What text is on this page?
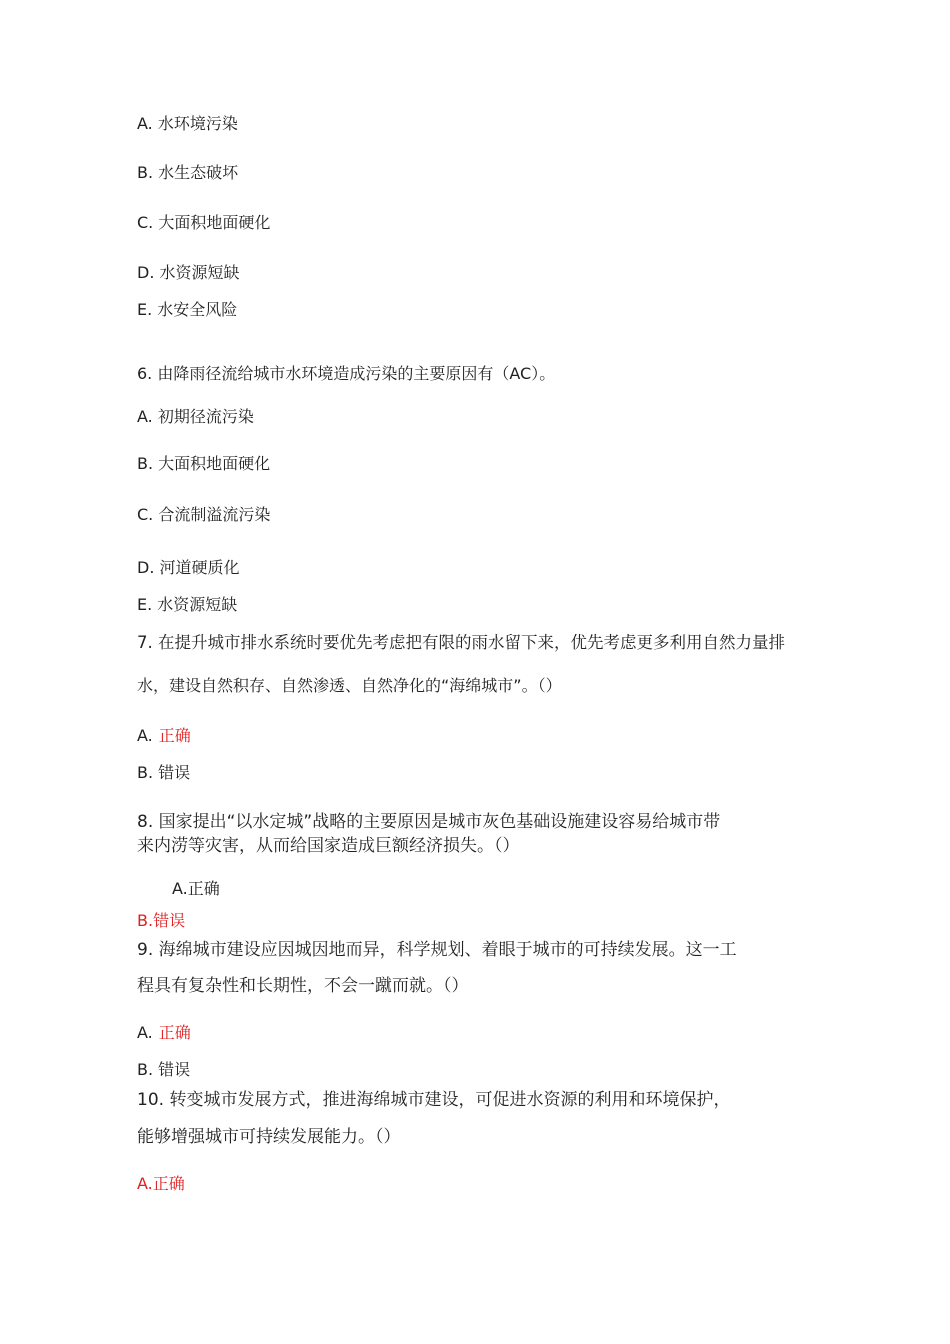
A. 水环境污染
B. 水生态破坏
C. 大面积地面硬化
D. 水资源短缺
E. 水安全风险
6. 由降雨径流给城市水环境造成污染的主要原因有（AC）。
A. 初期径流污染
B. 大面积地面硬化
C. 合流制溢流污染
D. 河道硬质化
E. 水资源短缺
7. 在提升城市排水系统时要优先考虑把有限的雨水留下来，优先考虑更多利用自然力量排
水，建设自然积存、自然渗透、自然净化的“海绵城市”。（）
A. 正确
B. 错误
8. 国家提出“以水定城”战略的主要原因是城市灰色基础设施建设容易给城市带
来内涝等灾害，从而给国家造成巨额经济损失。（）
A.正确
B.错误
9. 海绵城市建设应因城因地而异，科学规划、着眼于城市的可持续发展。这一工
程具有复杂性和长期性，不会一蹴而就。（）
A. 正确
B. 错误
10. 转变城市发展方式，推进海绵城市建设，可促进水资源的利用和环境保护，
能够增强城市可持续发展能力。（）
A.正确
